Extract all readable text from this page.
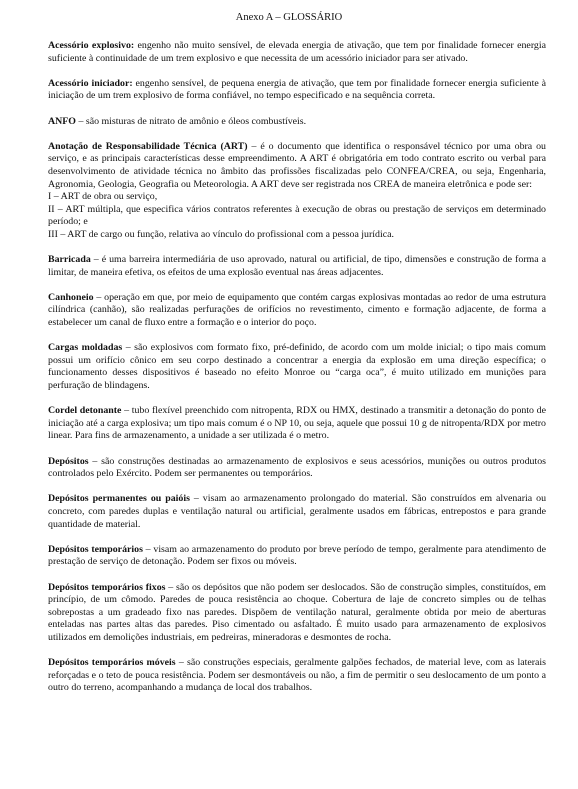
Anexo A – GLOSSÁRIO

Acessório explosivo: engenho não muito sensível, de elevada energia de ativação, que tem por finalidade fornecer energia suficiente à continuidade de um trem explosivo e que necessita de um acessório iniciador para ser ativado.

Acessório iniciador: engenho sensível, de pequena energia de ativação, que tem por finalidade fornecer energia suficiente à iniciação de um trem explosivo de forma confiável, no tempo especificado e na sequência correta.

ANFO – são misturas de nitrato de amônio e óleos combustíveis.

Anotação de Responsabilidade Técnica (ART) – é o documento que identifica o responsável técnico por uma obra ou serviço, e as principais características desse empreendimento. A ART é obrigatória em todo contrato escrito ou verbal para desenvolvimento de atividade técnica no âmbito das profissões fiscalizadas pelo CONFEA/CREA, ou seja, Engenharia, Agronomia, Geologia, Geografia ou Meteorologia. A ART deve ser registrada nos CREA de maneira eletrônica e pode ser:
I – ART de obra ou serviço,
II – ART múltipla, que especifica vários contratos referentes à execução de obras ou prestação de serviços em determinado período; e
III – ART de cargo ou função, relativa ao vínculo do profissional com a pessoa jurídica.

Barricada – é uma barreira intermediária de uso aprovado, natural ou artificial, de tipo, dimensões e construção de forma a limitar, de maneira efetiva, os efeitos de uma explosão eventual nas áreas adjacentes.

Canhoneio – operação em que, por meio de equipamento que contém cargas explosivas montadas ao redor de uma estrutura cilíndrica (canhão), são realizadas perfurações de orifícios no revestimento, cimento e formação adjacente, de forma a estabelecer um canal de fluxo entre a formação e o interior do poço.

Cargas moldadas – são explosivos com formato fixo, pré-definido, de acordo com um molde inicial; o tipo mais comum possui um orifício cônico em seu corpo destinado a concentrar a energia da explosão em uma direção específica; o funcionamento desses dispositivos é baseado no efeito Monroe ou “carga oca”, é muito utilizado em munições para perfuração de blindagens.

Cordel detonante – tubo flexível preenchido com nitropenta, RDX ou HMX, destinado a transmitir a detonação do ponto de iniciação até a carga explosiva; um tipo mais comum é o NP 10, ou seja, aquele que possui 10 g de nitropenta/RDX por metro linear. Para fins de armazenamento, a unidade a ser utilizada é o metro.

Depósitos – são construções destinadas ao armazenamento de explosivos e seus acessórios, munições ou outros produtos controlados pelo Exército. Podem ser permanentes ou temporários.

Depósitos permanentes ou paióis – visam ao armazenamento prolongado do material. São construídos em alvenaria ou concreto, com paredes duplas e ventilação natural ou artificial, geralmente usados em fábricas, entrepostos e para grande quantidade de material.

Depósitos temporários – visam ao armazenamento do produto por breve período de tempo, geralmente para atendimento de prestação de serviço de detonação. Podem ser fixos ou móveis.

Depósitos temporários fixos – são os depósitos que não podem ser deslocados. São de construção simples, constituídos, em princípio, de um cômodo. Paredes de pouca resistência ao choque. Cobertura de laje de concreto simples ou de telhas sobrepostas a um gradeado fixo nas paredes. Dispõem de ventilação natural, geralmente obtida por meio de aberturas enteladas nas partes altas das paredes. Piso cimentado ou asfaltado. É muito usado para armazenamento de explosivos utilizados em demolições industriais, em pedreiras, mineradoras e desmontes de rocha.

Depósitos temporários móveis – são construções especiais, geralmente galpões fechados, de material leve, com as laterais reforçadas e o teto de pouca resistência. Podem ser desmontáveis ou não, a fim de permitir o seu deslocamento de um ponto a outro do terreno, acompanhando a mudança de local dos trabalhos.
